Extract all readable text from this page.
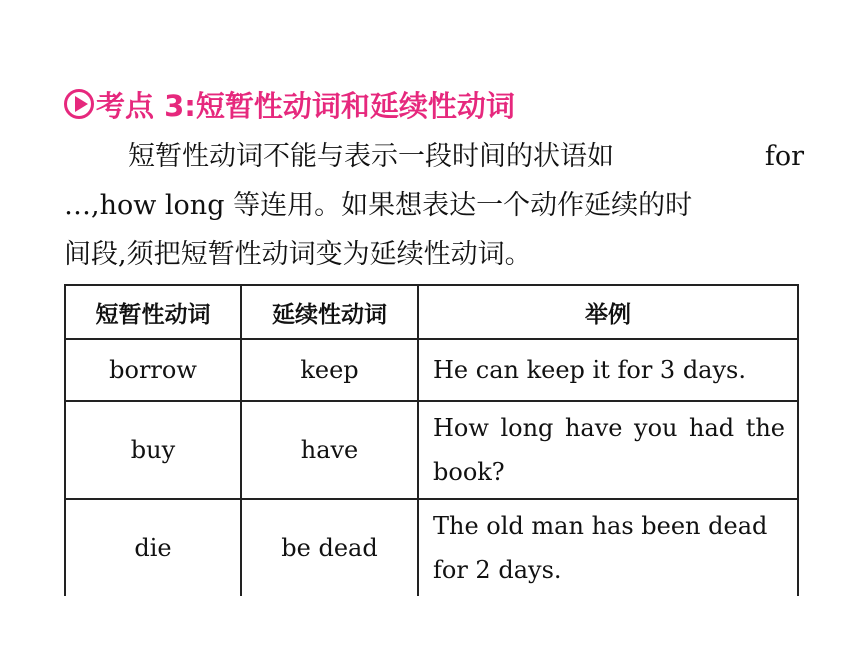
考点 3:短暂性动词和延续性动词
短暂性动词不能与表示一段时间的状语如	for
…,how long 等连用。如果想表达一个动作延续的时
间段,须把短暂性动词变为延续性动词。
短暂性动词	延续性动词	举例
borrow	keep	He can keep it for 3 days.
buy	have	How long have you had the book?
die	be dead	The old man has been dead for 2 days.
